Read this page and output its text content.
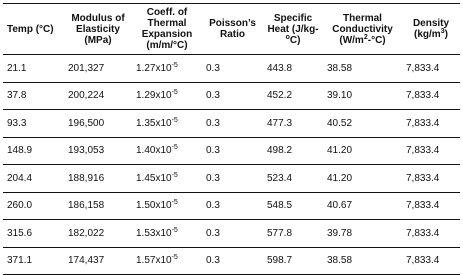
Temp (°C)	Modulus of Elasticity (MPa)	Coeff. of Thermal Expansion (m/m/°C)	Poisson’s Ratio	Specific Heat (J/kg-$^o$C)	Thermal Conductivity $(W/m^2-^\circ C)$	Density $(kg/m^3)$
21.1	201,327	$1.27x10^{-5}$	0.3	443.8	38.58	7,833.4
37.8	200,224	$1.29x10^{-5}$	0.3	452.2	39.10	7,833.4
93.3	196,500	$1.35x10^{-5}$	0.3	477.3	40.52	7,833.4
148.9	193,053	$1.40x10^{-5}$	0.3	498.2	41.20	7,833.4
204.4	188,916	$1.45x10^{-5}$	0.3	523.4	41.20	7,833.4
260.0	186,158	$1.50x10^{-5}$	0.3	548.5	40.67	7,833.4
315.6	182,022	$1.53x10^{-5}$	0.3	577.8	39.78	7,833.4
371.1	174,437	$1.57x10^{-5}$	0.3	598.7	38.58	7,833.4
